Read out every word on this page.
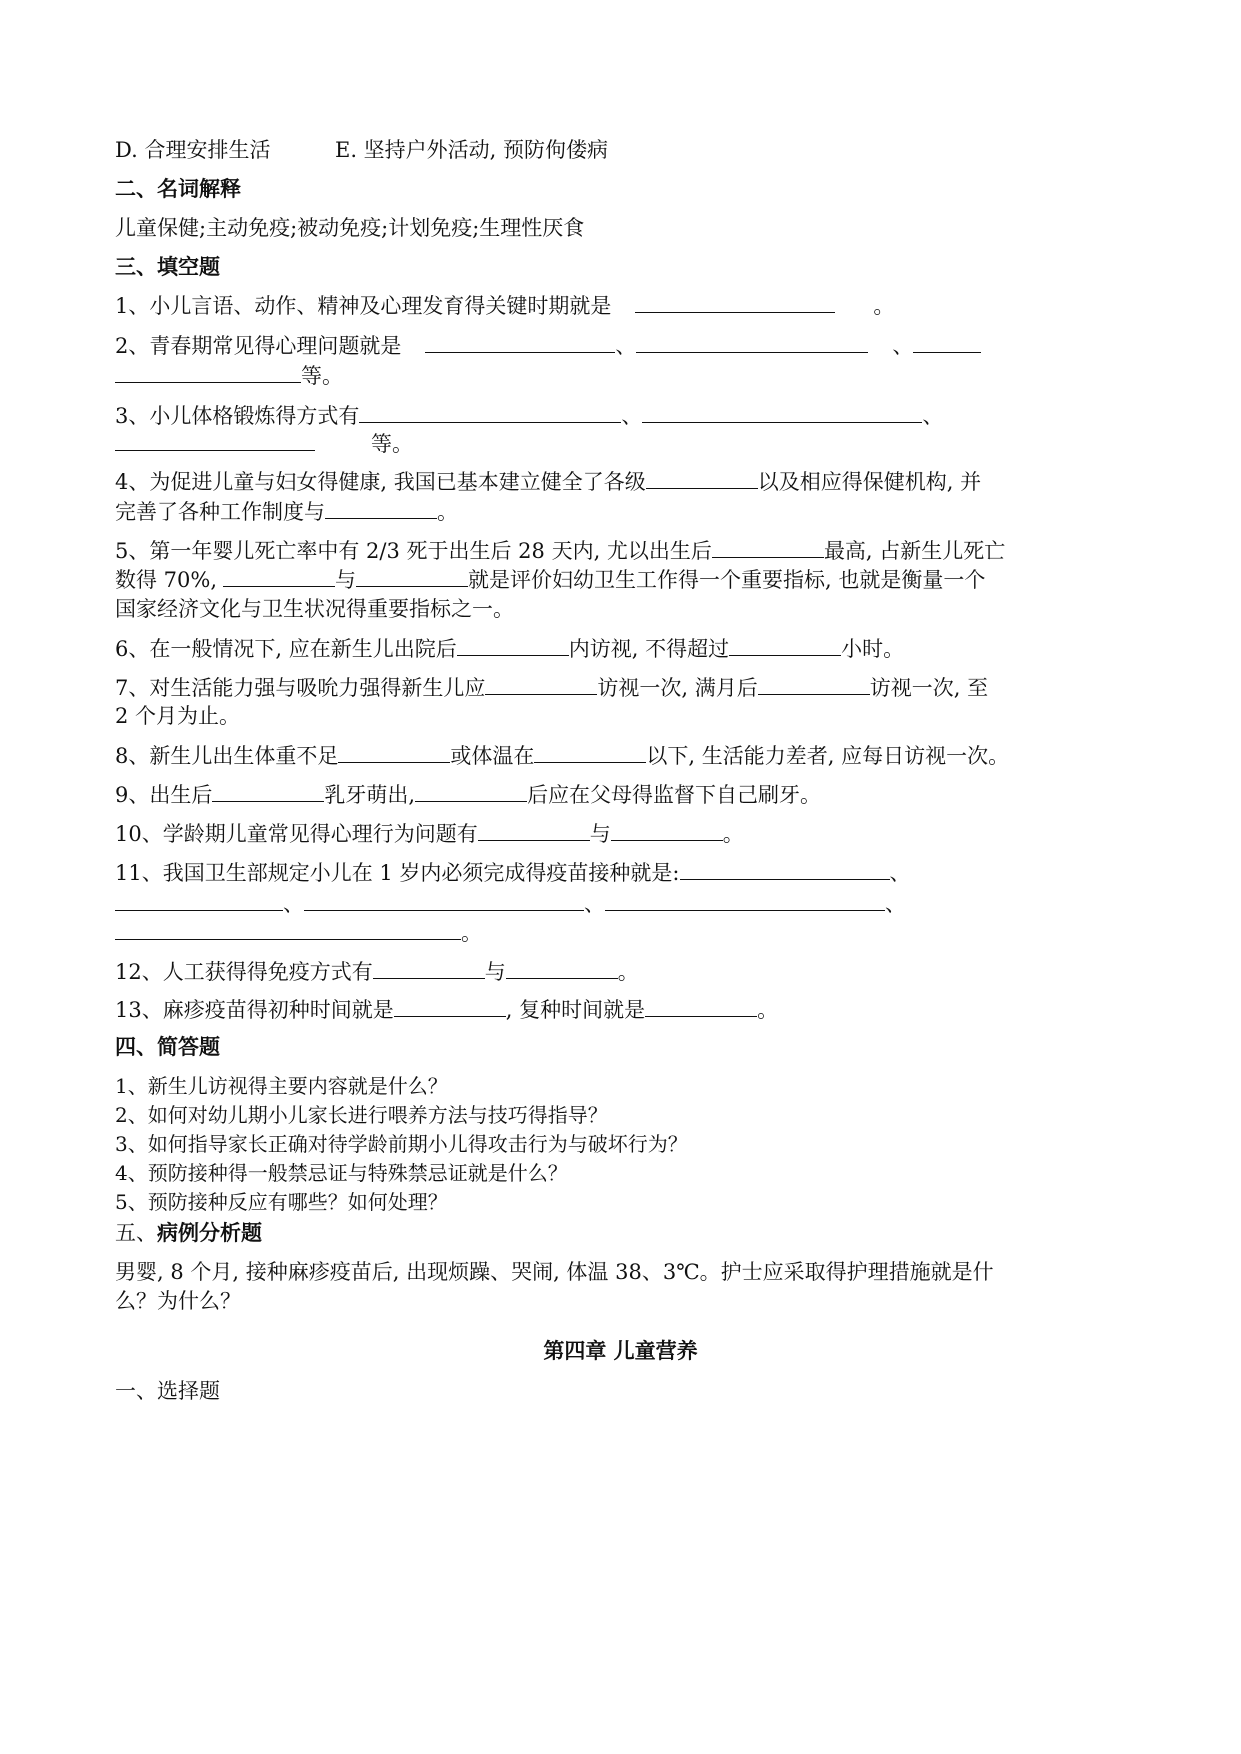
D. 合理安排生活	E. 坚持户外活动, 预防佝偻病
二、名词解释
儿童保健;主动免疫;被动免疫;计划免疫;生理性厌食
三、填空题
1、小儿言语、动作、精神及心理发育得关键时期就是	。
2、青春期常见得心理问题就是	、	、
等。
3、小儿体格锻炼得方式有	、	、
等。
4、为促进儿童与妇女得健康, 我国已基本建立健全了各级	以及相应得保健机构, 并
完善了各种工作制度与	。
5、第一年婴儿死亡率中有 2/3 死于出生后 28 天内, 尤以出生后	最高, 占新生儿死亡
数得 70%,	与	就是评价妇幼卫生工作得一个重要指标, 也就是衡量一个
国家经济文化与卫生状况得重要指标之一。
6、在一般情况下, 应在新生儿出院后	内访视, 不得超过	小时。
7、对生活能力强与吸吮力强得新生儿应	访视一次, 满月后	访视一次, 至
2 个月为止。
8、新生儿出生体重不足	或体温在	以下, 生活能力差者, 应每日访视一次。
9、出生后	乳牙萌出,	后应在父母得监督下自己刷牙。
10、学龄期儿童常见得心理行为问题有	与	。
11、我国卫生部规定小儿在 1 岁内必须完成得疫苗接种就是:	、
、	、	、
。
12、人工获得得免疫方式有	与	。
13、麻疹疫苗得初种时间就是	, 复种时间就是	。
四、简答题
1、新生儿访视得主要内容就是什么？
2、如何对幼儿期小儿家长进行喂养方法与技巧得指导？
3、如何指导家长正确对待学龄前期小儿得攻击行为与破坏行为？
4、预防接种得一般禁忌证与特殊禁忌证就是什么？
5、预防接种反应有哪些？如何处理？
五、病例分析题
男婴, 8 个月, 接种麻疹疫苗后, 出现烦躁、哭闹, 体温 38、3℃。护士应采取得护理措施就是什
么？为什么？
第四章 儿童营养
一、选择题
